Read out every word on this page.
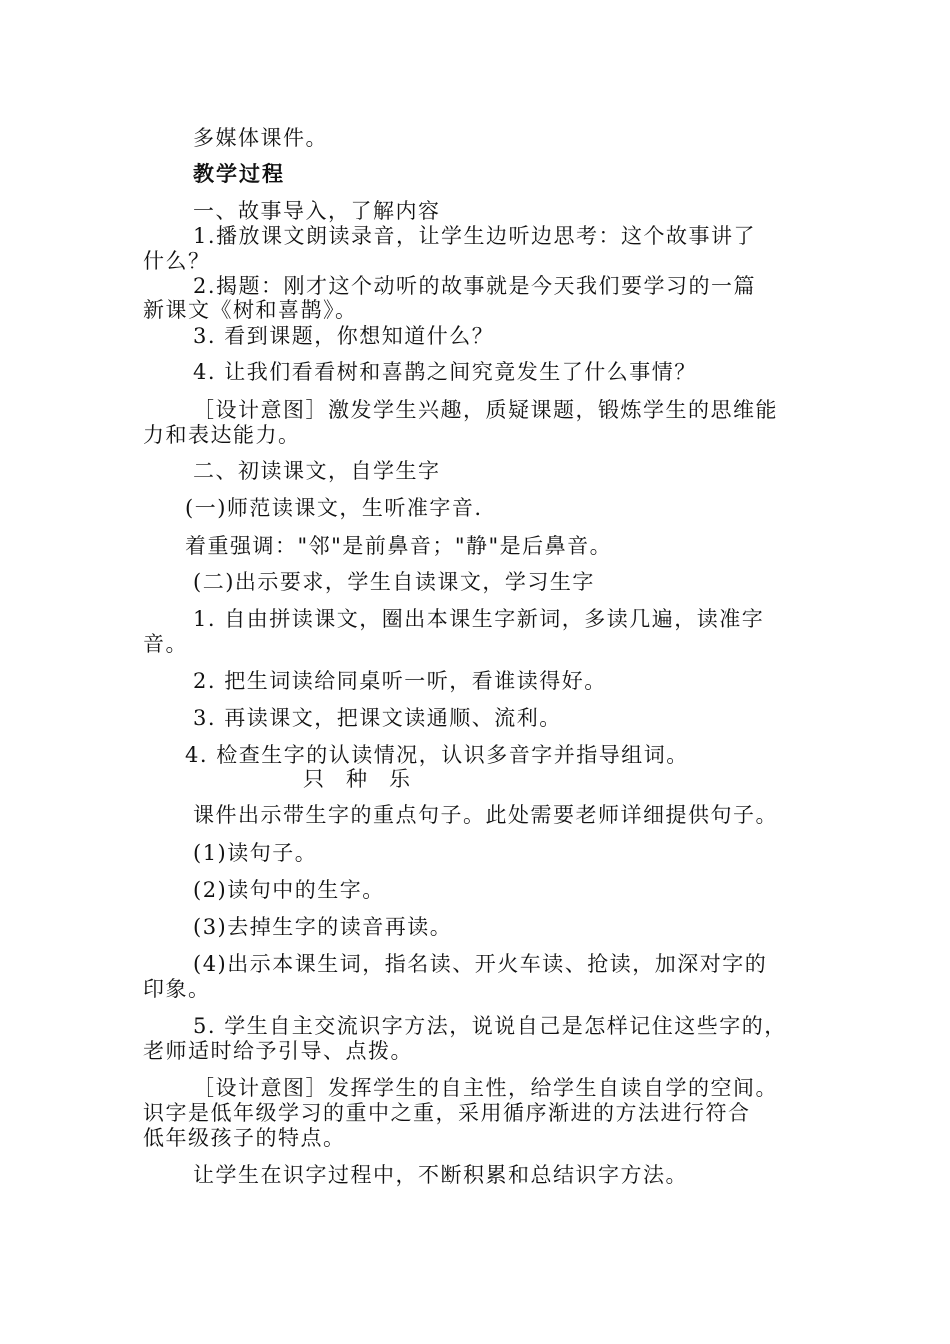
多媒体课件。
教学过程
一、故事导入，了解内容
1.播放课文朗读录音，让学生边听边思考：这个故事讲了
什么？
2.揭题：刚才这个动听的故事就是今天我们要学习的一篇
新课文《树和喜鹊》。
3. 看到课题，你想知道什么？
4. 让我们看看树和喜鹊之间究竟发生了什么事情？
［设计意图］激发学生兴趣，质疑课题，锻炼学生的思维能
力和表达能力。
二、初读课文，自学生字
(一)师范读课文，生听准字音.
着重强调："邻"是前鼻音；"静"是后鼻音。
(二)出示要求，学生自读课文，学习生字
1. 自由拼读课文，圈出本课生字新词，多读几遍，读准字
音。
2. 把生词读给同桌听一听，看谁读得好。
3. 再读课文，把课文读通顺、流利。
4. 检查生字的认读情况，认识多音字并指导组词。
只 种 乐
课件出示带生字的重点句子。此处需要老师详细提供句子。
(1)读句子。
(2)读句中的生字。
(3)去掉生字的读音再读。
(4)出示本课生词，指名读、开火车读、抢读，加深对字的
印象。
5. 学生自主交流识字方法，说说自己是怎样记住这些字的，
老师适时给予引导、点拨。
［设计意图］发挥学生的自主性，给学生自读自学的空间。
识字是低年级学习的重中之重，采用循序渐进的方法进行符合
低年级孩子的特点。
让学生在识字过程中，不断积累和总结识字方法。
